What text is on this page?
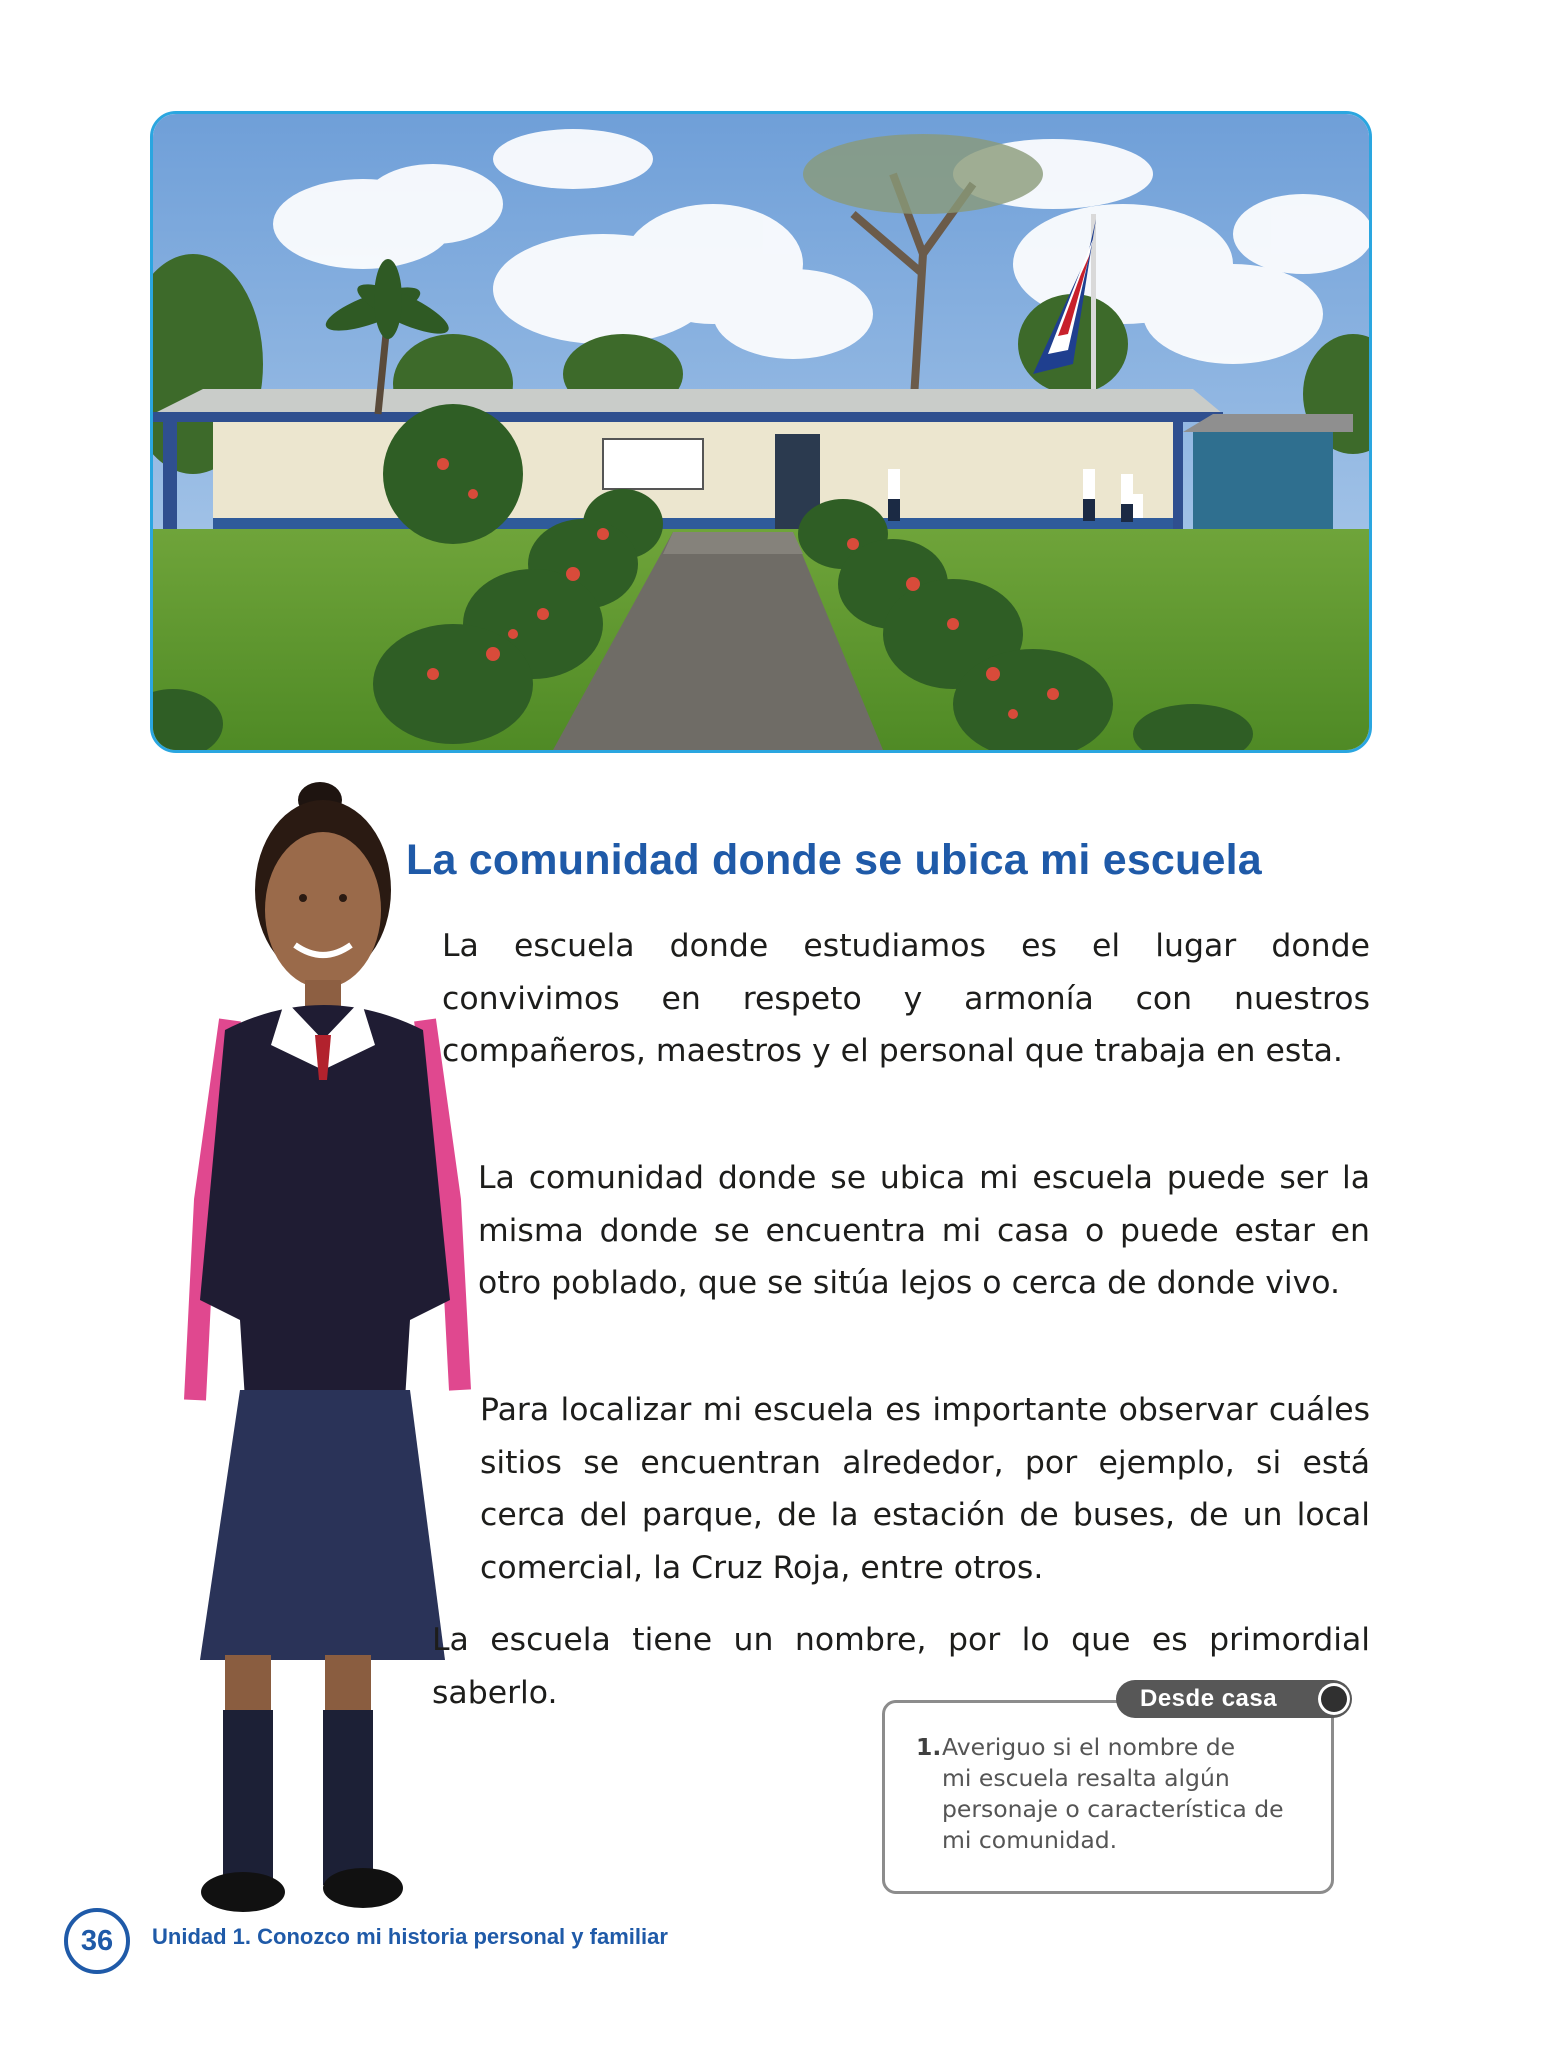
La comunidad donde se ubica mi escuela

La escuela donde estudiamos es el lugar donde convivimos en respeto y armonía con nuestros compañeros, maestros y el personal que trabaja en esta.

La comunidad donde se ubica mi escuela puede ser la misma donde se encuentra mi casa o puede estar en otro poblado, que se sitúa lejos o cerca de donde vivo.

Para localizar mi escuela es importante observar cuáles sitios se encuentran alrededor, por ejemplo, si está cerca del parque, de la estación de buses, de un local comercial, la Cruz Roja, entre otros.

La escuela tiene un nombre, por lo que es primordial saberlo.	Desde casa
1. Averiguo si el nombre de
mi escuela resalta algún
personaje o característica de
mi comunidad.
36	Unidad 1. Conozco mi historia personal y familiar
